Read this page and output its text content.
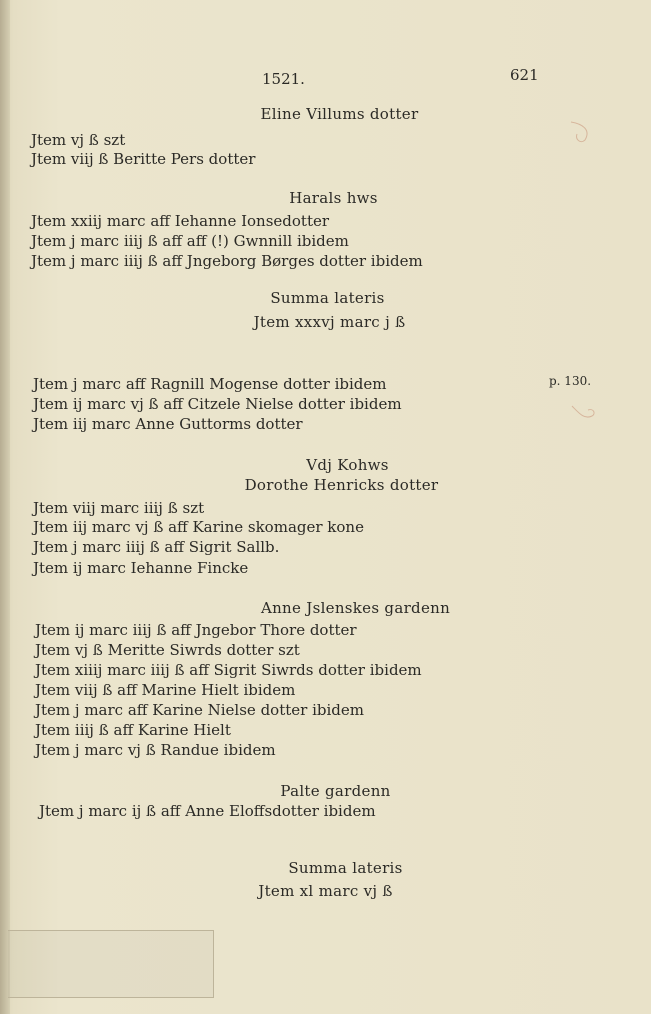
1521.	621
p. 130.
Eline Villums dotter
Jtem vj ß szt
Jtem viij ß Beritte Pers dotter
Harals hws
Jtem xxiij marc aff Iehanne Ionsedotter
Jtem j marc iiij ß aff aff (!) Gwnnill ibidem
Jtem j marc iiij ß aff Jngeborg Børges dotter ibidem
Summa lateris
Jtem xxxvj marc j ß
Jtem j marc aff Ragnill Mogense dotter ibidem
Jtem ij marc vj ß aff Citzele Nielse dotter ibidem
Jtem iij marc Anne Guttorms dotter
Vdj Kohws
Dorothe Henricks dotter
Jtem viij marc iiij ß szt
Jtem iij marc vj ß aff Karine skomager kone
Jtem j marc iiij ß aff Sigrit Sallb.
Jtem ij marc Iehanne Fincke
Anne Jslenskes gardenn
Jtem ij marc iiij ß aff Jngebor Thore dotter
Jtem vj ß Meritte Siwrds dotter szt
Jtem xiiij marc iiij ß aff Sigrit Siwrds dotter ibidem
Jtem viij ß aff Marine Hielt ibidem
Jtem j marc aff Karine Nielse dotter ibidem
Jtem iiij ß aff Karine Hielt
Jtem j marc vj ß Randue ibidem
Palte gardenn
Jtem j marc ij ß aff Anne Eloffsdotter ibidem
Summa lateris
Jtem xl marc vj ß
